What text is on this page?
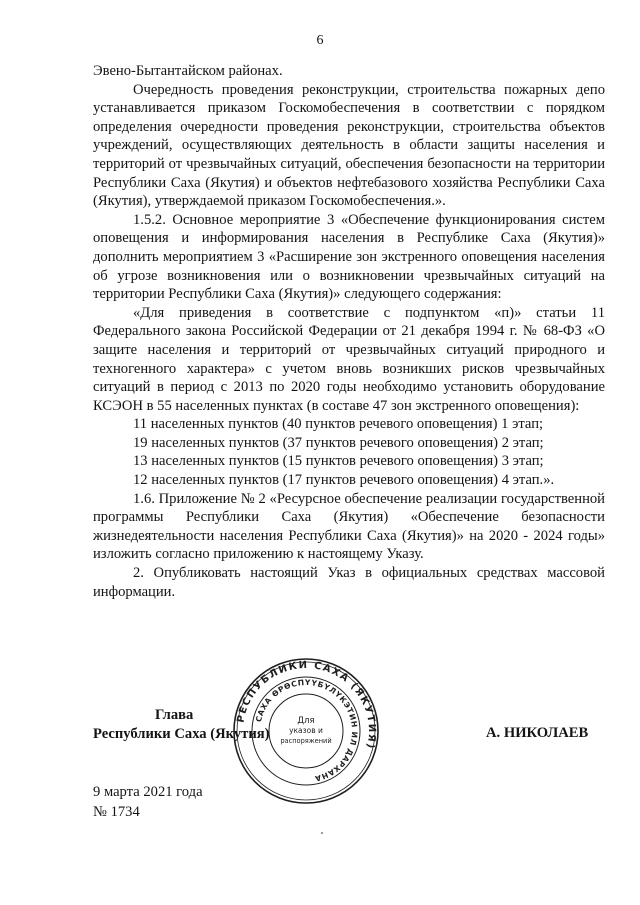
6

Эвено-Бытантайском районах.

Очередность проведения реконструкции, строительства пожарных депо устанавливается приказом Госкомобеспечения в соответствии с порядком определения очередности проведения реконструкции, строительства объектов учреждений, осуществляющих деятельность в области защиты населения и территорий от чрезвычайных ситуаций, обеспечения безопасности на территории Республики Саха (Якутия) и объектов нефтебазового хозяйства Республики Саха (Якутия), утверждаемой приказом Госкомобеспечения.».

1.5.2. Основное мероприятие 3 «Обеспечение функционирования систем оповещения и информирования населения в Республике Саха (Якутия)» дополнить мероприятием 3 «Расширение зон экстренного оповещения населения об угрозе возникновения или о возникновении чрезвычайных ситуаций на территории Республики Саха (Якутия)» следующего содержания:

«Для приведения в соответствие с подпунктом «п)» статьи 11 Федерального закона Российской Федерации от 21 декабря 1994 г. № 68-ФЗ «О защите населения и территорий от чрезвычайных ситуаций природного и техногенного характера» с учетом вновь возникших рисков чрезвычайных ситуаций в период с 2013 по 2020 годы необходимо установить оборудование КСЭОН в 55 населенных пунктах (в составе 47 зон экстренного оповещения):

11 населенных пунктов (40 пунктов речевого оповещения) 1 этап;

19 населенных пунктов (37 пунктов речевого оповещения) 2 этап;

13 населенных пунктов (15 пунктов речевого оповещения) 3 этап;

12 населенных пунктов (17 пунктов речевого оповещения) 4 этап.».

1.6. Приложение № 2 «Ресурсное обеспечение реализации государственной программы Республики Саха (Якутия) «Обеспечение безопасности жизнедеятельности населения Республики Саха (Якутия)» на 2020 - 2024 годы» изложить согласно приложению к настоящему Указу.

2. Опубликовать настоящий Указ в официальных средствах массовой информации.

Глава
Республики Саха (Якутия)
РЕСПУБЛИКИ САХА (ЯКУТИЯ)
САХА ӨРӨСПҮҮБҮЛҮКЭТИН ИЛ ДАРХАНА
Для
указов и
распоряжений	А. НИКОЛАЕВ
9 марта 2021 года
№ 1734
